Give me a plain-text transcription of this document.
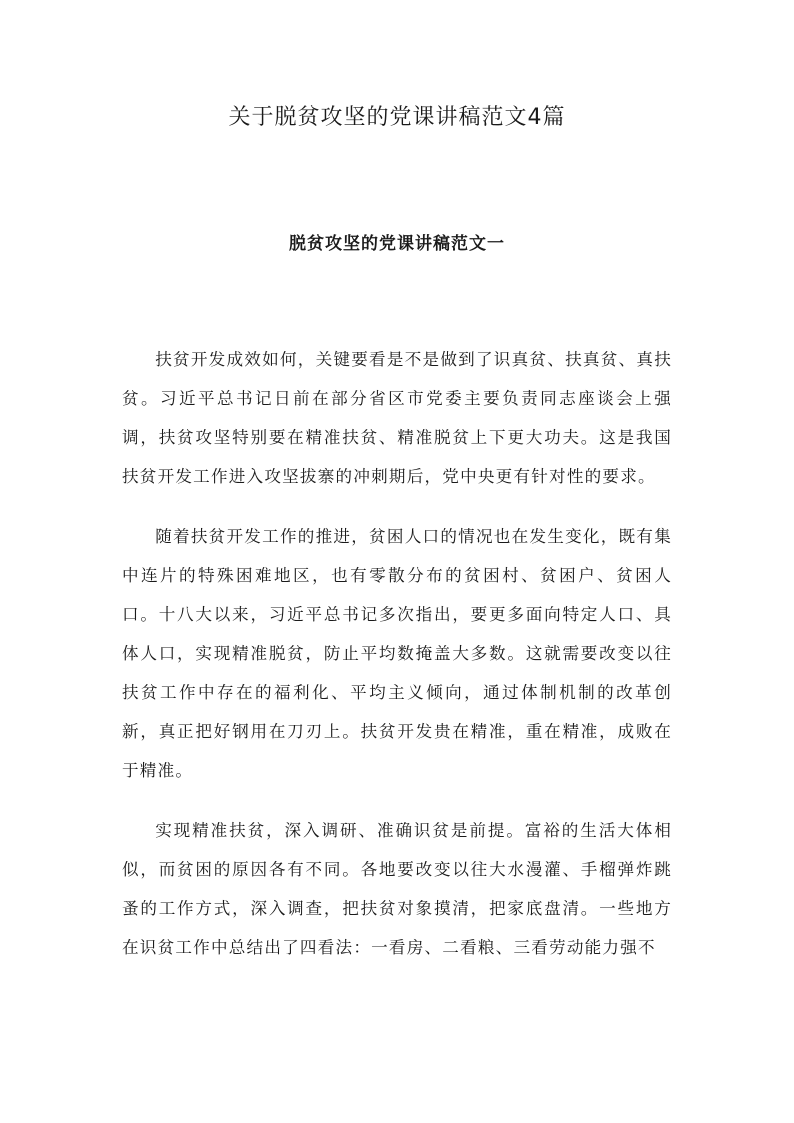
关于脱贫攻坚的党课讲稿范文4篇
脱贫攻坚的党课讲稿范文一

扶贫开发成效如何，关键要看是不是做到了识真贫、扶真贫、真扶贫。习近平总书记日前在部分省区市党委主要负责同志座谈会上强调，扶贫攻坚特别要在精准扶贫、精准脱贫上下更大功夫。这是我国扶贫开发工作进入攻坚拔寨的冲刺期后，党中央更有针对性的要求。

随着扶贫开发工作的推进，贫困人口的情况也在发生变化，既有集中连片的特殊困难地区，也有零散分布的贫困村、贫困户、贫困人口。十八大以来，习近平总书记多次指出，要更多面向特定人口、具体人口，实现精准脱贫，防止平均数掩盖大多数。这就需要改变以往扶贫工作中存在的福利化、平均主义倾向，通过体制机制的改革创新，真正把好钢用在刀刃上。扶贫开发贵在精准，重在精准，成败在于精准。

实现精准扶贫，深入调研、准确识贫是前提。富裕的生活大体相似，而贫困的原因各有不同。各地要改变以往大水漫灌、手榴弹炸跳蚤的工作方式，深入调查，把扶贫对象摸清，把家底盘清。一些地方在识贫工作中总结出了四看法：一看房、二看粮、三看劳动能力强不
